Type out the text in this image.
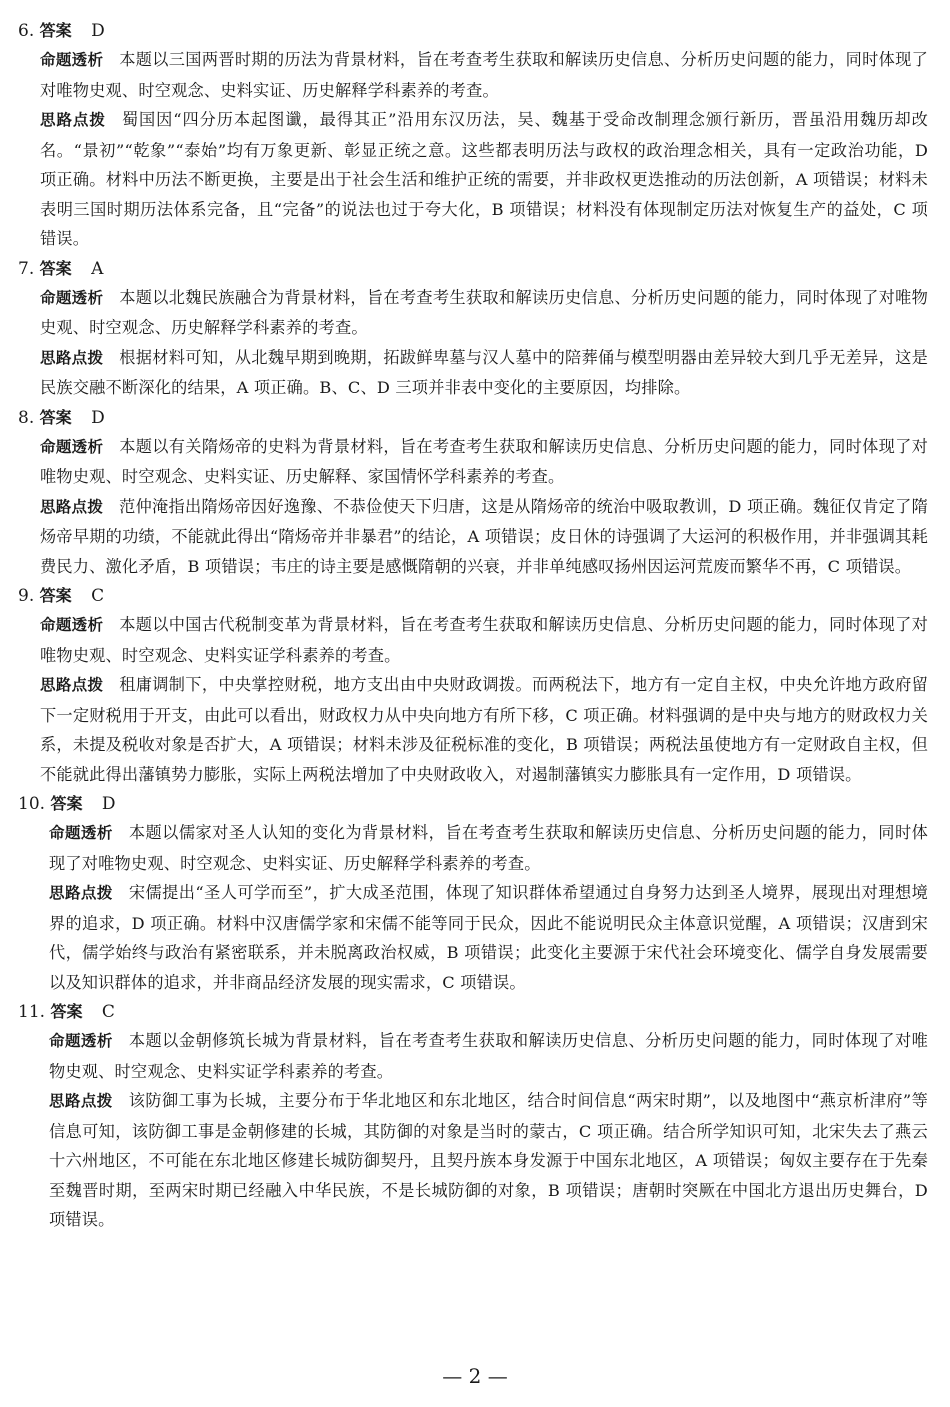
6. 答案 D

命题透析 本题以三国两晋时期的历法为背景材料，旨在考查考生获取和解读历史信息、分析历史问题的能力，同时体现了对唯物史观、时空观念、史料实证、历史解释学科素养的考查。

思路点拨 蜀国因“四分历本起图谶，最得其正”沿用东汉历法，吴、魏基于受命改制理念颁行新历，晋虽沿用魏历却改名。“景初”“乾象”“泰始”均有万象更新、彰显正统之意。这些都表明历法与政权的政治理念相关，具有一定政治功能，D 项正确。材料中历法不断更换，主要是出于社会生活和维护正统的需要，并非政权更迭推动的历法创新，A 项错误；材料未表明三国时期历法体系完备，且“完备”的说法也过于夸大化，B 项错误；材料没有体现制定历法对恢复生产的益处，C 项错误。

7. 答案 A

命题透析 本题以北魏民族融合为背景材料，旨在考查考生获取和解读历史信息、分析历史问题的能力，同时体现了对唯物史观、时空观念、历史解释学科素养的考查。

思路点拨 根据材料可知，从北魏早期到晚期，拓跋鲜卑墓与汉人墓中的陪葬俑与模型明器由差异较大到几乎无差异，这是民族交融不断深化的结果，A 项正确。B、C、D 三项并非表中变化的主要原因，均排除。

8. 答案 D

命题透析 本题以有关隋炀帝的史料为背景材料，旨在考查考生获取和解读历史信息、分析历史问题的能力，同时体现了对唯物史观、时空观念、史料实证、历史解释、家国情怀学科素养的考查。

思路点拨 范仲淹指出隋炀帝因好逸豫、不恭俭使天下归唐，这是从隋炀帝的统治中吸取教训，D 项正确。魏征仅肯定了隋炀帝早期的功绩，不能就此得出“隋炀帝并非暴君”的结论，A 项错误；皮日休的诗强调了大运河的积极作用，并非强调其耗费民力、激化矛盾，B 项错误；韦庄的诗主要是感慨隋朝的兴衰，并非单纯感叹扬州因运河荒废而繁华不再，C 项错误。

9. 答案 C

命题透析 本题以中国古代税制变革为背景材料，旨在考查考生获取和解读历史信息、分析历史问题的能力，同时体现了对唯物史观、时空观念、史料实证学科素养的考查。

思路点拨 租庸调制下，中央掌控财税，地方支出由中央财政调拨。而两税法下，地方有一定自主权，中央允许地方政府留下一定财税用于开支，由此可以看出，财政权力从中央向地方有所下移，C 项正确。材料强调的是中央与地方的财政权力关系，未提及税收对象是否扩大，A 项错误；材料未涉及征税标准的变化，B 项错误；两税法虽使地方有一定财政自主权，但不能就此得出藩镇势力膨胀，实际上两税法增加了中央财政收入，对遏制藩镇实力膨胀具有一定作用，D 项错误。

10. 答案 D

命题透析 本题以儒家对圣人认知的变化为背景材料，旨在考查考生获取和解读历史信息、分析历史问题的能力，同时体现了对唯物史观、时空观念、史料实证、历史解释学科素养的考查。

思路点拨 宋儒提出“圣人可学而至”，扩大成圣范围，体现了知识群体希望通过自身努力达到圣人境界，展现出对理想境界的追求，D 项正确。材料中汉唐儒学家和宋儒不能等同于民众，因此不能说明民众主体意识觉醒，A 项错误；汉唐到宋代，儒学始终与政治有紧密联系，并未脱离政治权威，B 项错误；此变化主要源于宋代社会环境变化、儒学自身发展需要以及知识群体的追求，并非商品经济发展的现实需求，C 项错误。

11. 答案 C

命题透析 本题以金朝修筑长城为背景材料，旨在考查考生获取和解读历史信息、分析历史问题的能力，同时体现了对唯物史观、时空观念、史料实证学科素养的考查。

思路点拨 该防御工事为长城，主要分布于华北地区和东北地区，结合时间信息“两宋时期”，以及地图中“燕京析津府”等信息可知，该防御工事是金朝修建的长城，其防御的对象是当时的蒙古，C 项正确。结合所学知识可知，北宋失去了燕云十六州地区，不可能在东北地区修建长城防御契丹，且契丹族本身发源于中国东北地区，A 项错误；匈奴主要存在于先秦至魏晋时期，至两宋时期已经融入中华民族，不是长城防御的对象，B 项错误；唐朝时突厥在中国北方退出历史舞台，D 项错误。

— 2 —
